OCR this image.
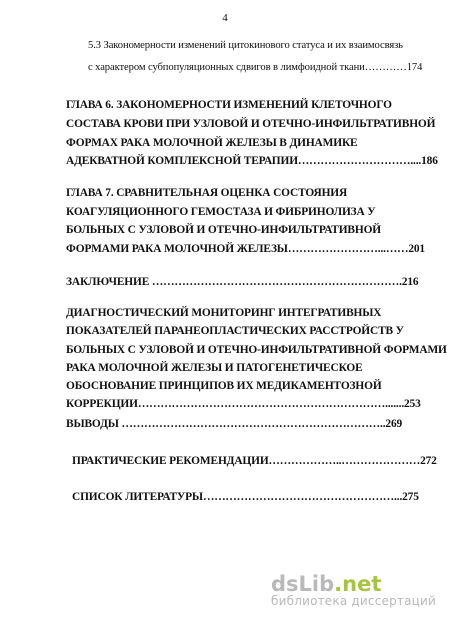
4
5.3 Закономерности изменений цитокинового статуса и их взаимосвязь
с характером субпопуляционных сдвигов в лимфоидной ткани…………174
ГЛАВА 6. ЗАКОНОМЕРНОСТИ ИЗМЕНЕНИЙ КЛЕТОЧНОГО
СОСТАВА КРОВИ ПРИ УЗЛОВОЙ И ОТЕЧНО-ИНФИЛЬТРАТИВНОЙ
ФОРМАХ РАКА МОЛОЧНОЙ ЖЕЛЕЗЫ В ДИНАМИКЕ
АДЕКВАТНОЙ КОМПЛЕКСНОЙ ТЕРАПИИ…………………………....186
ГЛАВА 7. СРАВНИТЕЛЬНАЯ ОЦЕНКА СОСТОЯНИЯ
КОАГУЛЯЦИОННОГО ГЕМОСТАЗА И ФИБРИНОЛИЗА У
БОЛЬНЫХ С УЗЛОВОЙ И ОТЕЧНО-ИНФИЛЬТРАТИВНОЙ
ФОРМАМИ РАКА МОЛОЧНОЙ ЖЕЛЕЗЫ……………………...……201
ЗАКЛЮЧЕНИЕ ………………………………………………………….216
ДИАГНОСТИЧЕСКИЙ МОНИТОРИНГ ИНТЕГРАТИВНЫХ
ПОКАЗАТЕЛЕЙ ПАРАНЕОПЛАСТИЧЕСКИХ РАССТРОЙСТВ У
БОЛЬНЫХ С УЗЛОВОЙ И ОТЕЧНО-ИНФИЛЬТРАТИВНОЙ ФОРМАМИ
РАКА МОЛОЧНОЙ ЖЕЛЕЗЫ И ПАТОГЕНЕТИЧЕСКОЕ
ОБОСНОВАНИЕ ПРИНЦИПОВ ИХ МЕДИКАМЕНТОЗНОЙ
КОРРЕКЦИИ………………………………………………………….......253
ВЫВОДЫ ……………………………………………………………..269
ПРАКТИЧЕСКИЕ РЕКОМЕНДАЦИИ………………..…………………272
СПИСОК ЛИТЕРАТУРЫ……………………………………………...275
dsLib.net
библиотека диссертаций
